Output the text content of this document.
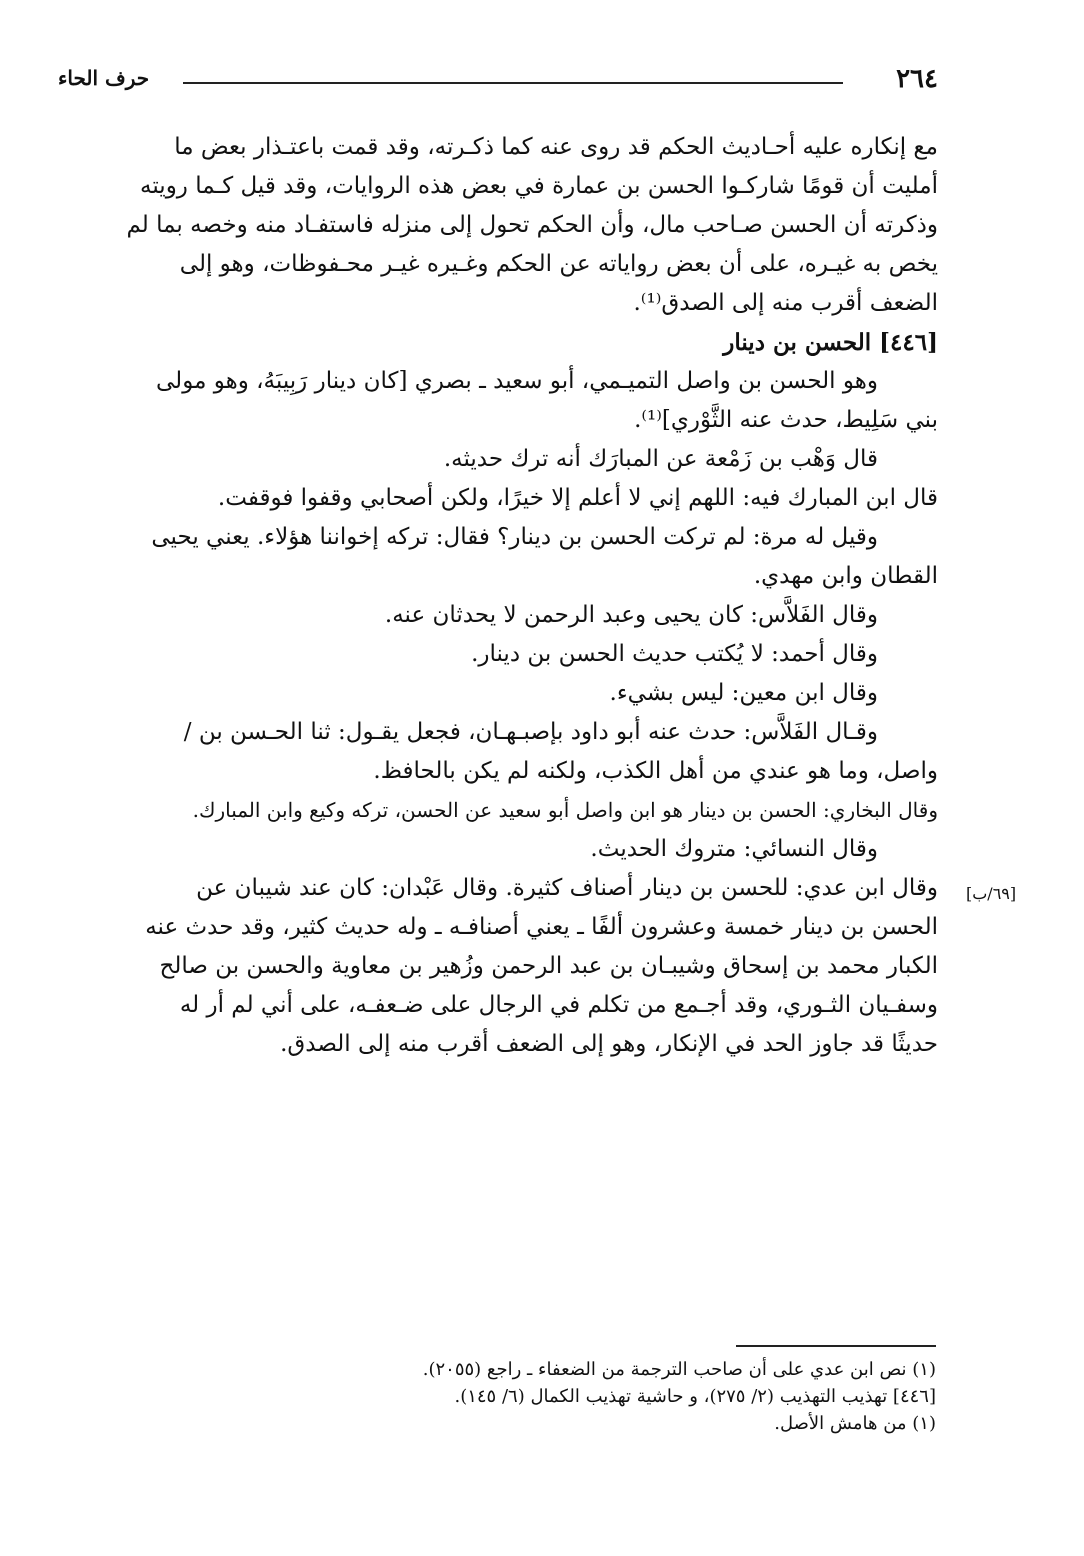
٢٦٤
حرف الحاء
مع إنكاره عليه أحـاديث الحكم قد روى عنه كما ذكـرته، وقد قمت باعتـذار بعض ما
أمليت أن قومًا شاركـوا الحسن بن عمارة في بعض هذه الروايات، وقد قيل كـما رويته
وذكرته أن الحسن صـاحب مال، وأن الحكم تحول إلى منزله فاستفـاد منه وخصه بما لم
يخص به غيـره، على أن بعض رواياته عن الحكم وغـيره غيـر محـفوظات، وهو إلى
الضعف أقرب منه إلى الصدق⁽¹⁾.
[٤٤٦] الحسن بن دينار
وهو الحسن بن واصل التميـمي، أبو سعيد ـ بصري [كان دينار رَبِيبَهُ، وهو مولى
بني سَلِيط، حدث عنه الثَّوْري]⁽¹⁾.
قال وَهْب بن زَمْعة عن المبارَك أنه ترك حديثه.
قال ابن المبارك فيه: اللهم إني لا أعلم إلا خيرًا، ولكن أصحابي وقفوا فوقفت.
وقيل له مرة: لم تركت الحسن بن دينار؟ فقال: تركه إخواننا هؤلاء. يعني يحيى
القطان وابن مهدي.
وقال الفَلاَّس: كان يحيى وعبد الرحمن لا يحدثان عنه.
وقال أحمد: لا يُكتب حديث الحسن بن دينار.
وقال ابن معين: ليس بشيء.
وقـال الفَلاَّس: حدث عنه أبو داود بإصبـهـان، فجعل يقـول: ثنا الحـسن بن /
واصل، وما هو عندي من أهل الكذب، ولكنه لم يكن بالحافظ.
وقال البخاري: الحسن بن دينار هو ابن واصل أبو سعيد عن الحسن، تركه وكيع وابن المبارك.
وقال النسائي: متروك الحديث.
وقال ابن عدي: للحسن بن دينار أصناف كثيرة. وقال عَبْدان: كان عند شيبان عن
الحسن بن دينار خمسة وعشرون ألفًا ـ يعني أصنافـه ـ وله حديث كثير، وقد حدث عنه
الكبار محمد بن إسحاق وشيبـان بن عبد الرحمن وزُهير بن معاوية والحسن بن صالح
وسفـيان الثـوري، وقد أجـمع من تكلم في الرجال على ضـعفـه، على أني لم أر له
حديثًا قد جاوز الحد في الإنكار، وهو إلى الضعف أقرب منه إلى الصدق.
[٦٩/ب]
(١) نص ابن عدي على أن صاحب الترجمة من الضعفاء ـ راجع (٢٠٥٥).
[٤٤٦] تهذيب التهذيب (٢/ ٢٧٥)، و حاشية تهذيب الكمال (٦/ ١٤٥).
(١) من هامش الأصل.
